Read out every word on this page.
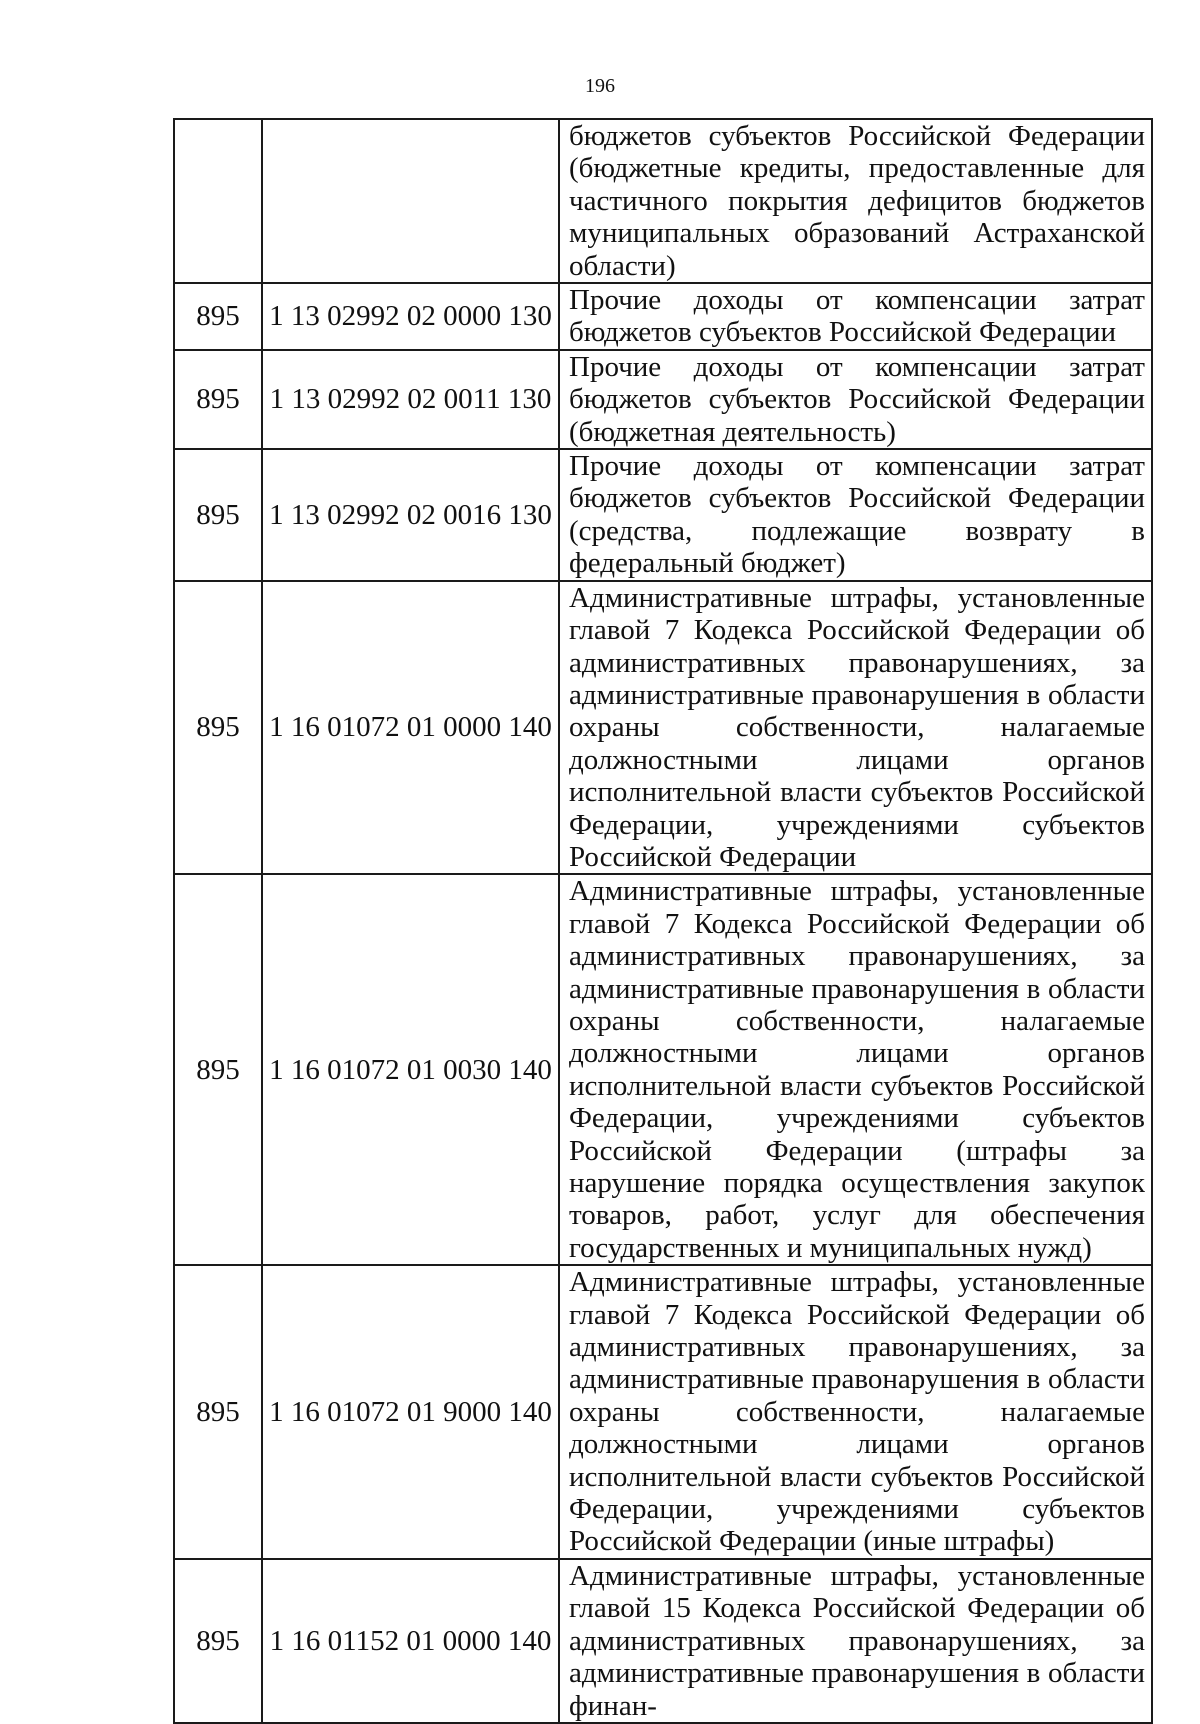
196

		бюджетов субъектов Российской Федерации (бюджетные кредиты, предоставленные для частичного покрытия дефицитов бюджетов муниципальных образований Астраханской области)

895	1 13 02992 02 0000 130	Прочие доходы от компенсации затрат бюджетов субъектов Российской Федерации

895	1 13 02992 02 0011 130	Прочие доходы от компенсации затрат бюджетов субъектов Российской Федерации (бюджетная деятельность)

895	1 13 02992 02 0016 130	Прочие доходы от компенсации затрат бюджетов субъектов Российской Федерации (средства, подлежащие возврату в федеральный бюджет)

895	1 16 01072 01 0000 140	Административные штрафы, установленные главой 7 Кодекса Российской Федерации об административных правонарушениях, за административные правонарушения в области охраны собственности, налагаемые должностными лицами органов исполнительной власти субъектов Российской Федерации, учреждениями субъектов Российской Федерации

895	1 16 01072 01 0030 140	Административные штрафы, установленные главой 7 Кодекса Российской Федерации об административных правонарушениях, за административные правонарушения в области охраны собственности, налагаемые должностными лицами органов исполнительной власти субъектов Российской Федерации, учреждениями субъектов Российской Федерации (штрафы за нарушение порядка осуществления закупок товаров, работ, услуг для обеспечения государственных и муниципальных нужд)

895	1 16 01072 01 9000 140	Административные штрафы, установленные главой 7 Кодекса Российской Федерации об административных правонарушениях, за административные правонарушения в области охраны собственности, налагаемые должностными лицами органов исполнительной власти субъектов Российской Федерации, учреждениями субъектов Российской Федерации (иные штрафы)

895	1 16 01152 01 0000 140	Административные штрафы, установленные главой 15 Кодекса Российской Федерации об административных правонарушениях, за административные правонарушения в области финан-
